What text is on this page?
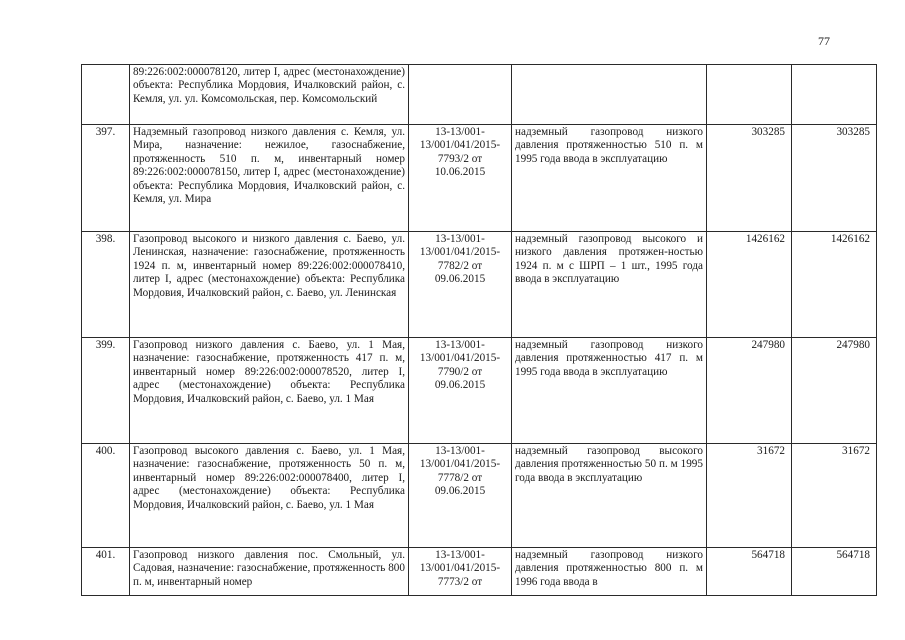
77
	89:226:002:000078120, литер I, адрес (местонахождение) объекта: Республика Мордовия, Ичалковский район, с. Кемля, ул. ул. Комсомольская, пер. Комсомольский				
397.	Надземный газопровод низкого давления с. Кемля, ул. Мира, назначение: нежилое, газоснабжение, протяженность 510 п. м, инвентарный номер 89:226:002:000078150, литер I, адрес (местонахождение) объекта: Республика Мордовия, Ичалковский район, с. Кемля, ул. Мира	13-13/001-13/001/041/2015-7793/2 от 10.06.2015	надземный газопровод низкого давления протяженностью 510 п. м 1995 года ввода в эксплуатацию	303285	303285
398.	Газопровод высокого и низкого давления с. Баево, ул. Ленинская, назначение: газоснабжение, протяженность 1924 п. м, инвентарный номер 89:226:002:000078410, литер I, адрес (местонахождение) объекта: Республика Мордовия, Ичалковский район, с. Баево, ул. Ленинская	13-13/001-13/001/041/2015-7782/2 от 09.06.2015	надземный газопровод высокого и низкого давления протяжен-ностью 1924 п. м с ШРП – 1 шт., 1995 года ввода в эксплуатацию	1426162	1426162
399.	Газопровод низкого давления с. Баево, ул. 1 Мая, назначение: газоснабжение, протяженность 417 п. м, инвентарный номер 89:226:002:000078520, литер I, адрес (местонахождение) объекта: Республика Мордовия, Ичалковский район, с. Баево, ул. 1 Мая	13-13/001-13/001/041/2015-7790/2 от 09.06.2015	надземный газопровод низкого давления протяженностью 417 п. м 1995 года ввода в эксплуатацию	247980	247980
400.	Газопровод высокого давления с. Баево, ул. 1 Мая, назначение: газоснабжение, протяженность 50 п. м, инвентарный номер 89:226:002:000078400, литер I, адрес (местонахождение) объекта: Республика Мордовия, Ичалковский район, с. Баево, ул. 1 Мая	13-13/001-13/001/041/2015-7778/2 от 09.06.2015	надземный газопровод высокого давления протяженностью 50 п. м 1995 года ввода в эксплуатацию	31672	31672
401.	Газопровод низкого давления пос. Смольный, ул. Садовая, назначение: газоснабжение, протяженность 800 п. м, инвентарный номер	13-13/001-13/001/041/2015-7773/2 от	надземный газопровод низкого давления протяженностью 800 п. м 1996 года ввода в	564718	564718
